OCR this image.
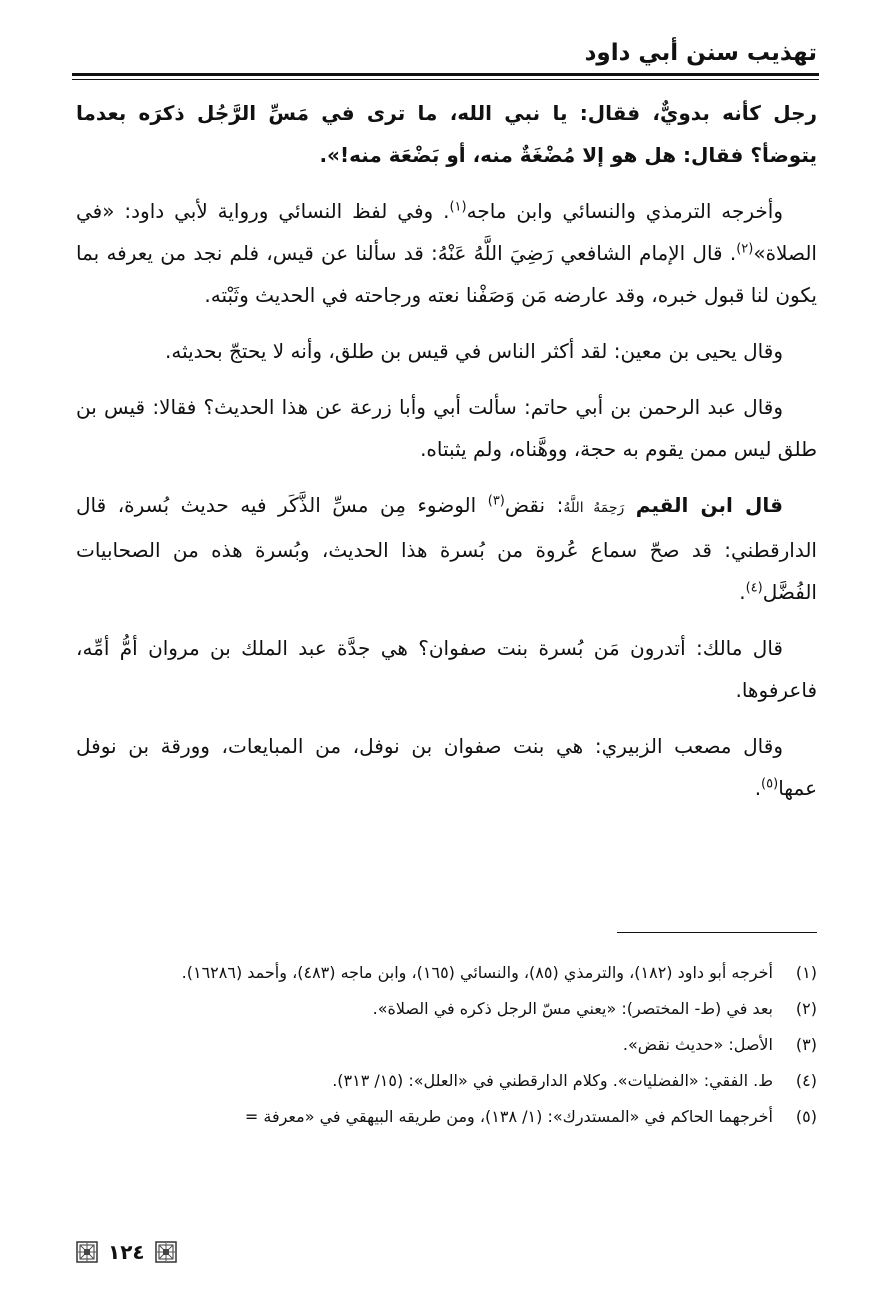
تهذيب سنن أبي داود

رجل كأنه بدويٌّ، فقال: يا نبي الله، ما ترى في مَسِّ الرَّجُل ذكرَه بعدما يتوضأ؟ فقال: هل هو إلا مُضْغَةٌ منه، أو بَضْعَة منه!».

وأخرجه الترمذي والنسائي وابن ماجه$^{(١)}$. وفي لفظ النسائي ورواية لأبي داود: «في الصلاة»$^{(٢)}$. قال الإمام الشافعي رَضِيَ اللَّهُ عَنْهُ: قد سألنا عن قيس، فلم نجد من يعرفه بما يكون لنا قبول خبره، وقد عارضه مَن وَصَفْنا نعته ورجاحته في الحديث وثَبْته.

وقال يحيى بن معين: لقد أكثر الناس في قيس بن طلق، وأنه لا يحتجّ بحديثه.

وقال عبد الرحمن بن أبي حاتم: سألت أبي وأبا زرعة عن هذا الحديث؟ فقالا: قيس بن طلق ليس ممن يقوم به حجة، ووهَّناه، ولم يثبتاه.

قال ابن القيم رَحِمَهُ اللَّهُ: نقض$^{(٣)}$ الوضوء مِن مسِّ الذَّكَر فيه حديث بُسرة، قال الدارقطني: قد صحّ سماع عُروة من بُسرة هذا الحديث، وبُسرة هذه من الصحابيات الفُضَّل$^{(٤)}$.

قال مالك: أتدرون مَن بُسرة بنت صفوان؟ هي جدَّة عبد الملك بن مروان أمُّ أمِّه، فاعرفوها.

وقال مصعب الزبيري: هي بنت صفوان بن نوفل، من المبايعات، وورقة بن نوفل عمها$^{(٥)}$.

(١)
أخرجه أبو داود (١٨٢)، والترمذي (٨٥)، والنسائي (١٦٥)، وابن ماجه (٤٨٣)، وأحمد (١٦٢٨٦).
(٢)
بعد في (ط- المختصر): «يعني مسّ الرجل ذكره في الصلاة».
(٣)
الأصل: «حديث نقض».
(٤)
ط. الفقي: «الفضليات». وكلام الدارقطني في «العلل»: (١٥/ ٣١٣).
(٥)
أخرجهما الحاكم في «المستدرك»: (١/ ١٣٨)، ومن طريقه البيهقي في «معرفة =
١٢٤
